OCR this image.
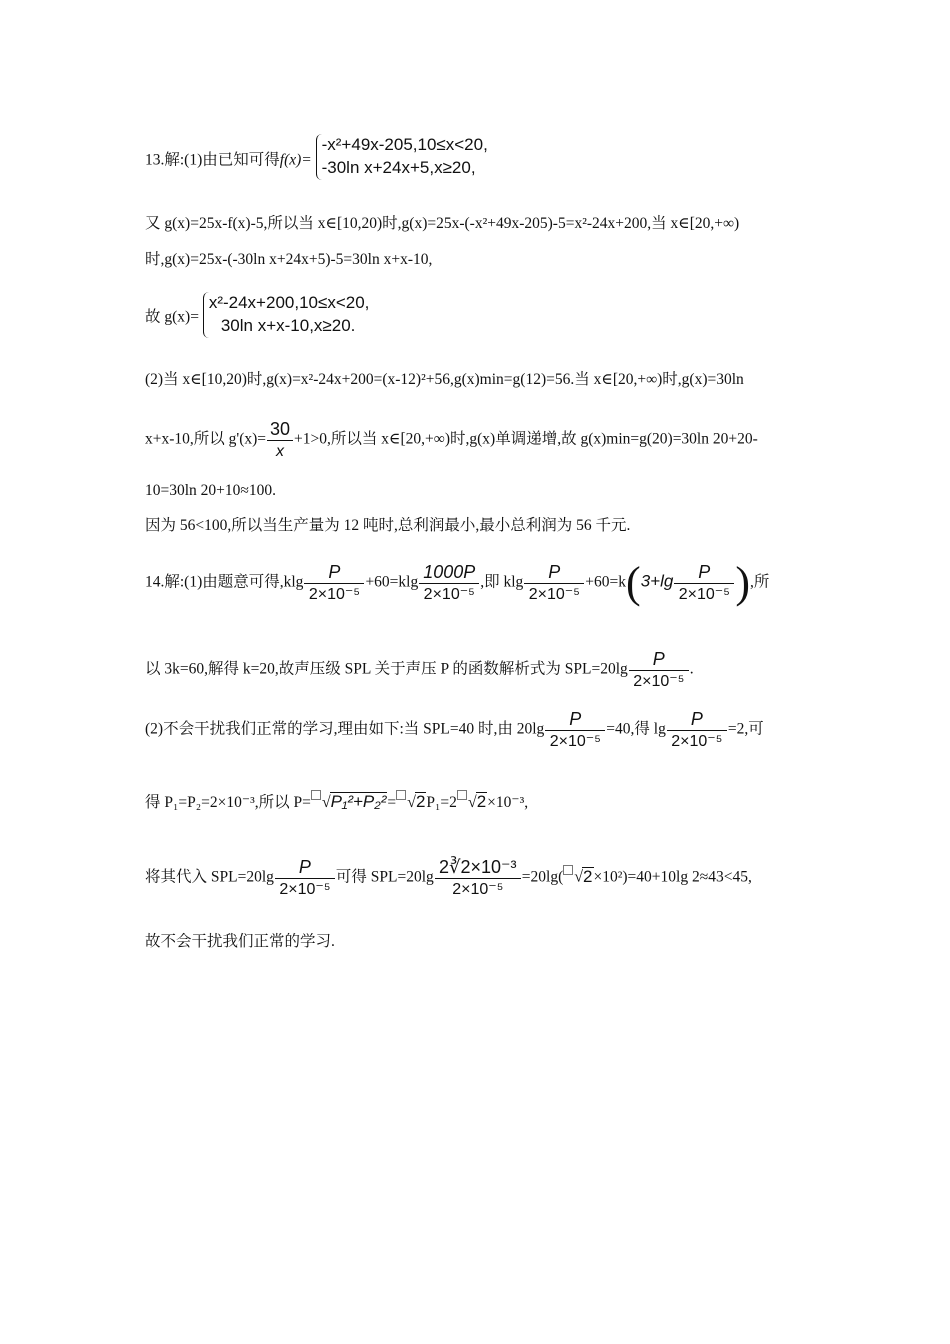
13.解:(1)由已知可得f(x)=
-x²+49x-205,10≤x<20,
-30ln x+24x+5,x≥20,
又 g(x)=25x-f(x)-5,所以当 x∈[10,20)时,g(x)=25x-(-x²+49x-205)-5=x²-24x+200,当 x∈[20,+∞)
时,g(x)=25x-(-30ln x+24x+5)-5=30ln x+x-10,
故 g(x)=
x²-24x+200,10≤x<20,
30ln x+x-10,x≥20.
(2)当 x∈[10,20)时,g(x)=x²-24x+200=(x-12)²+56,g(x)min=g(12)=56.当 x∈[20,+∞)时,g(x)=30ln
x+x-10,所以 $g'(x)= \frac{30}{x} +1>0$,所以当 x∈[20,+∞)时,g(x)单调递增,故 g(x)min=g(20)=30ln 20+20-
10=30ln 20+10≈100.
因为 56<100,所以当生产量为 12 吨时,总利润最小,最小总利润为 56 千元.
14.解:(1)由题意可得$,klg \frac{P}{\text{2×10⁻⁵}} +60=klg \frac{1000P}{\text{2×10⁻⁵}}$ ,即 klg $\frac{P}{\text{2×10⁻⁵}} +60=k(3+\lg \frac{P}{\text{2×10⁻⁵}}$ ),所
以 3k=60,解得 k=20,故声压级 SPL 关于声压 P 的函数解析式为 $SPL=20\lg \frac{P}{\text{2×10⁻⁵}}$ .
(2)不会干扰我们正常的学习,理由如下:当 SPL=40 时,由 $20\lg \frac{P}{\text{2×10⁻⁵}} =40$,得 $\lg \frac{P}{\text{2×10⁻⁵}} =2$,可
得 P₁=P₂=2×10⁻³,所以 P= √P₁²+P₂²= √2P₁=2 √2×10⁻³,
将其代入 $SPL=20\lg \frac{P}{\text{2×10⁻⁵}}$ 可得 $SPL=20\lg \frac{\text{2∛2×10⁻³}}{\text{2×10⁻⁵}} =20\lg$( √2×10²)=40+10lg 2≈43<45,
故不会干扰我们正常的学习.
